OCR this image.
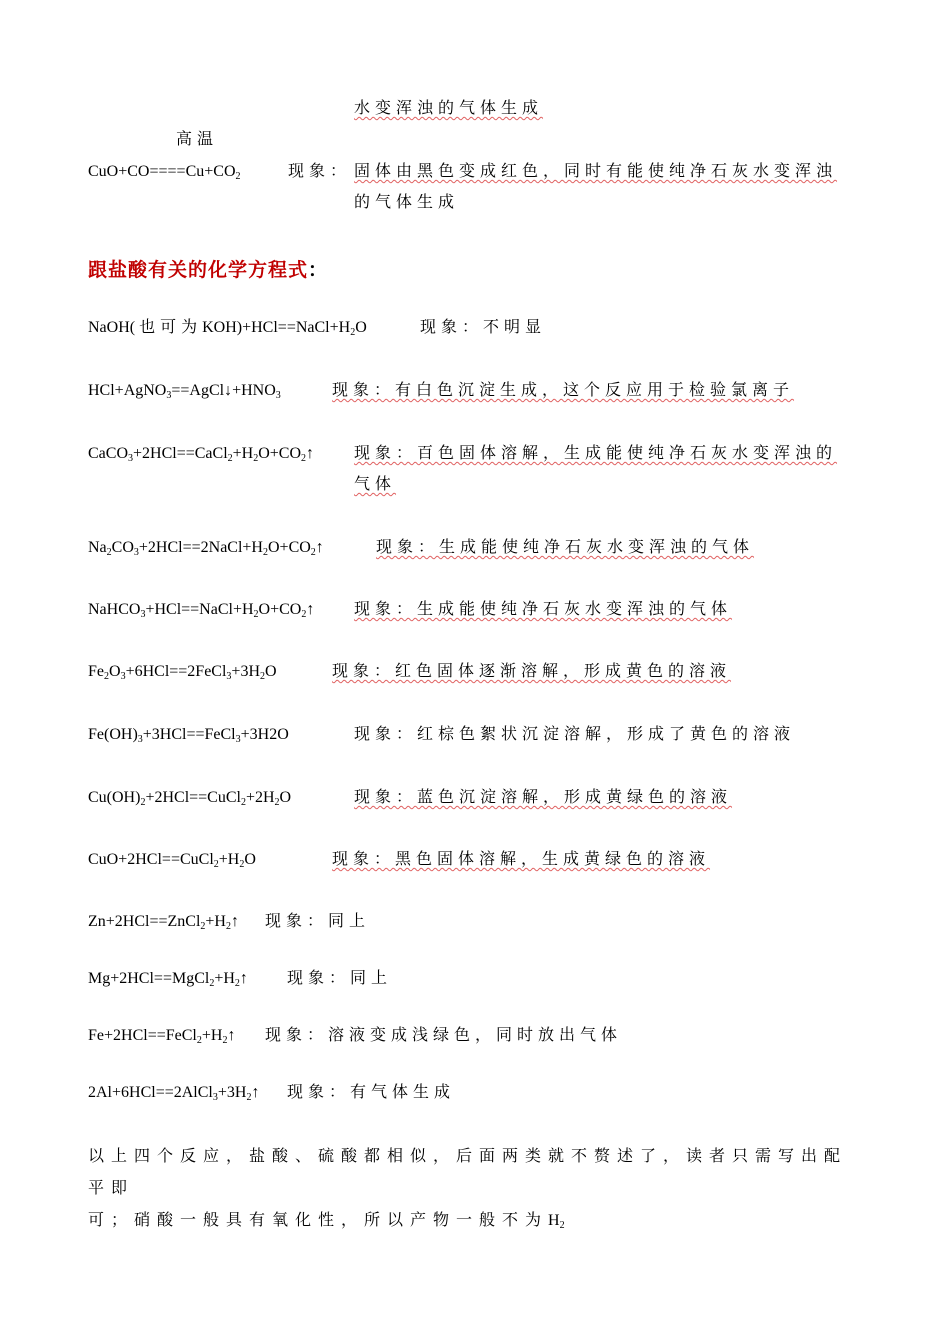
水变浑浊的气体生成
高温
$CuO+CO====Cu+CO_2$	现象： 固体由黑色变成红色，同时有能使纯净石灰水变浑浊
的气体生成
跟盐酸有关的化学方程式：
NaOH( 也可为$KOH)+HCl==NaCl+H_2O$	现象：不明显
$HCl+AgNO_3==AgCl↓+HNO_3$	现象：有白色沉淀生成，这个反应用于检验氯离子
$CaCO_3+2HCl==CaCl_2+H_2O+CO_2↑$ 现象：百色固体溶解，生成能使纯净石灰水变浑浊的
气体
$Na_2CO_3+2HCl==2NaCl+H_2O+CO_2↑$	现象：生成能使纯净石灰水变浑浊的气体
$NaHCO_3+HCl==NaCl+H_2O+CO_2↑$ 现象：生成能使纯净石灰水变浑浊的气体
$Fe_2O_3+6HCl==2FeCl_3+3H_2O$	现象：红色固体逐渐溶解，形成黄色的溶液
$Fe(OH)_3+3HCl==FeCl_3+3H2O$	现象：红棕色絮状沉淀溶解，形成了黄色的溶液
$Cu(OH)_2+2HCl==CuCl_2+2H_2O$	现象：蓝色沉淀溶解，形成黄绿色的溶液
$CuO+2HCl==CuCl_2+H_2O$	现象：黑色固体溶解，生成黄绿色的溶液
$Zn+2HCl==ZnCl_2+H_2↑$ 现象：同上
$Mg+2HCl==MgCl_2+H_2↑$ 现象：同上
$Fe+2HCl==FeCl_2+H_2↑$ 现象：溶液变成浅绿色，同时放出气体
$2Al+6HCl==2AlCl_3+3H_2↑$ 现象：有气体生成
以上四个反应，盐酸、硫酸都相似，后面两类就不赘述了，读者只需写出配平即
可；硝酸一般具有氧化性，所以产物一般不为$H_2$
